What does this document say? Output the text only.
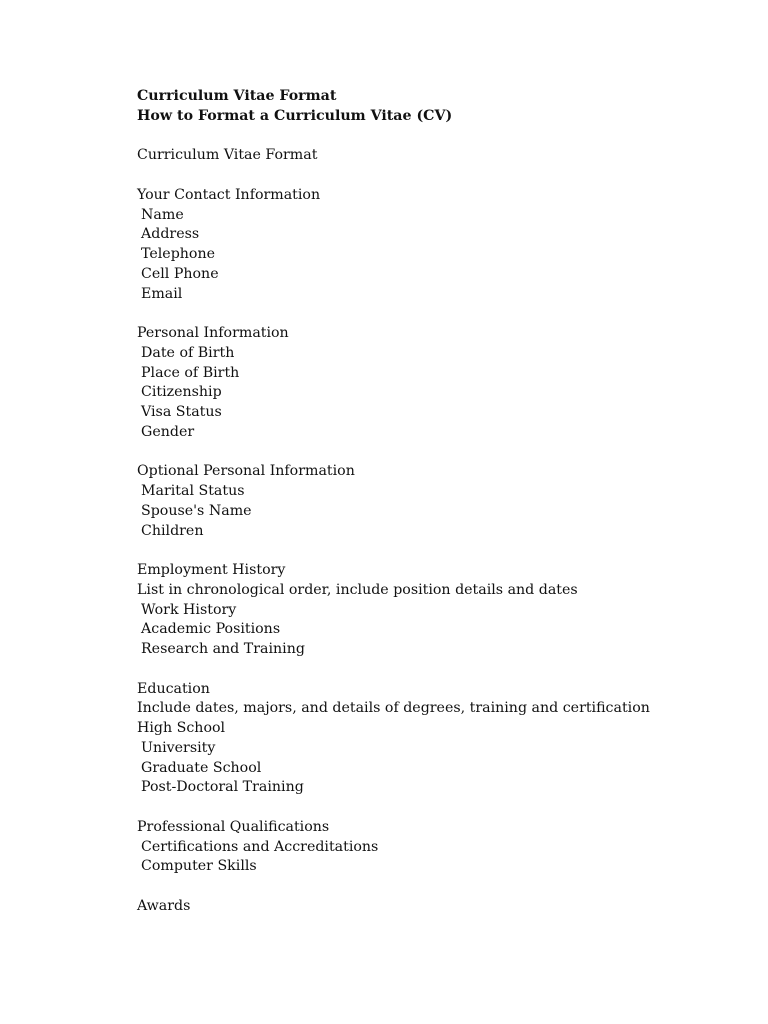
Curriculum Vitae Format
How to Format a Curriculum Vitae (CV)
Curriculum Vitae Format
Your Contact Information
Name
Address
Telephone
Cell Phone
Email
Personal Information
Date of Birth
Place of Birth
Citizenship
Visa Status
Gender
Optional Personal Information
Marital Status
Spouse's Name
Children
Employment History
List in chronological order, include position details and dates
Work History
Academic Positions
Research and Training
Education
Include dates, majors, and details of degrees, training and certification
High School
University
Graduate School
Post-Doctoral Training
Professional Qualifications
Certifications and Accreditations
Computer Skills
Awards
